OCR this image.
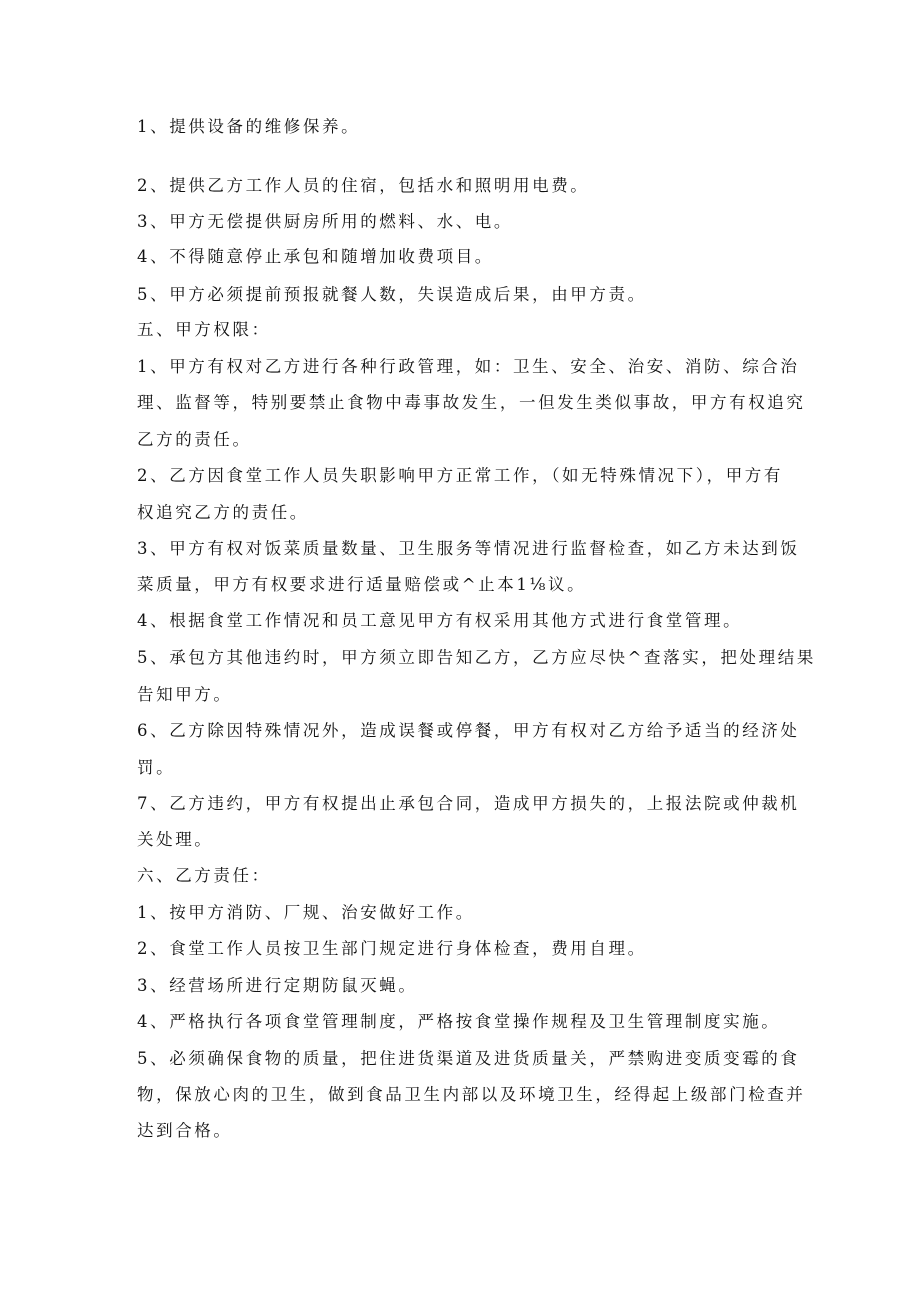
1、提供设备的维修保养。
2、提供乙方工作人员的住宿，包括水和照明用电费。
3、甲方无偿提供厨房所用的燃料、水、电。
4、不得随意停止承包和随增加收费项目。
5、甲方必须提前预报就餐人数，失误造成后果，由甲方责。
五、甲方权限：
1、甲方有权对乙方进行各种行政管理，如：卫生、安全、治安、消防、综合治
理、监督等，特别要禁止食物中毒事故发生，一但发生类似事故，甲方有权追究
乙方的责任。
2、乙方因食堂工作人员失职影响甲方正常工作，（如无特殊情况下），甲方有
权追究乙方的责任。
3、甲方有权对饭菜质量数量、卫生服务等情况进行监督检查，如乙方未达到饭
菜质量，甲方有权要求进行适量赔偿或^止本1⅛议。
4、根据食堂工作情况和员工意见甲方有权采用其他方式进行食堂管理。
5、承包方其他违约时，甲方须立即告知乙方，乙方应尽快^查落实，把处理结果
告知甲方。
6、乙方除因特殊情况外，造成误餐或停餐，甲方有权对乙方给予适当的经济处
罚。
7、乙方违约，甲方有权提出止承包合同，造成甲方损失的，上报法院或仲裁机
关处理。
六、乙方责任：
1、按甲方消防、厂规、治安做好工作。
2、食堂工作人员按卫生部门规定进行身体检查，费用自理。
3、经营场所进行定期防鼠灭蝇。
4、严格执行各项食堂管理制度，严格按食堂操作规程及卫生管理制度实施。
5、必须确保食物的质量，把住进货渠道及进货质量关，严禁购进变质变霉的食
物，保放心肉的卫生，做到食品卫生内部以及环境卫生，经得起上级部门检查并
达到合格。
